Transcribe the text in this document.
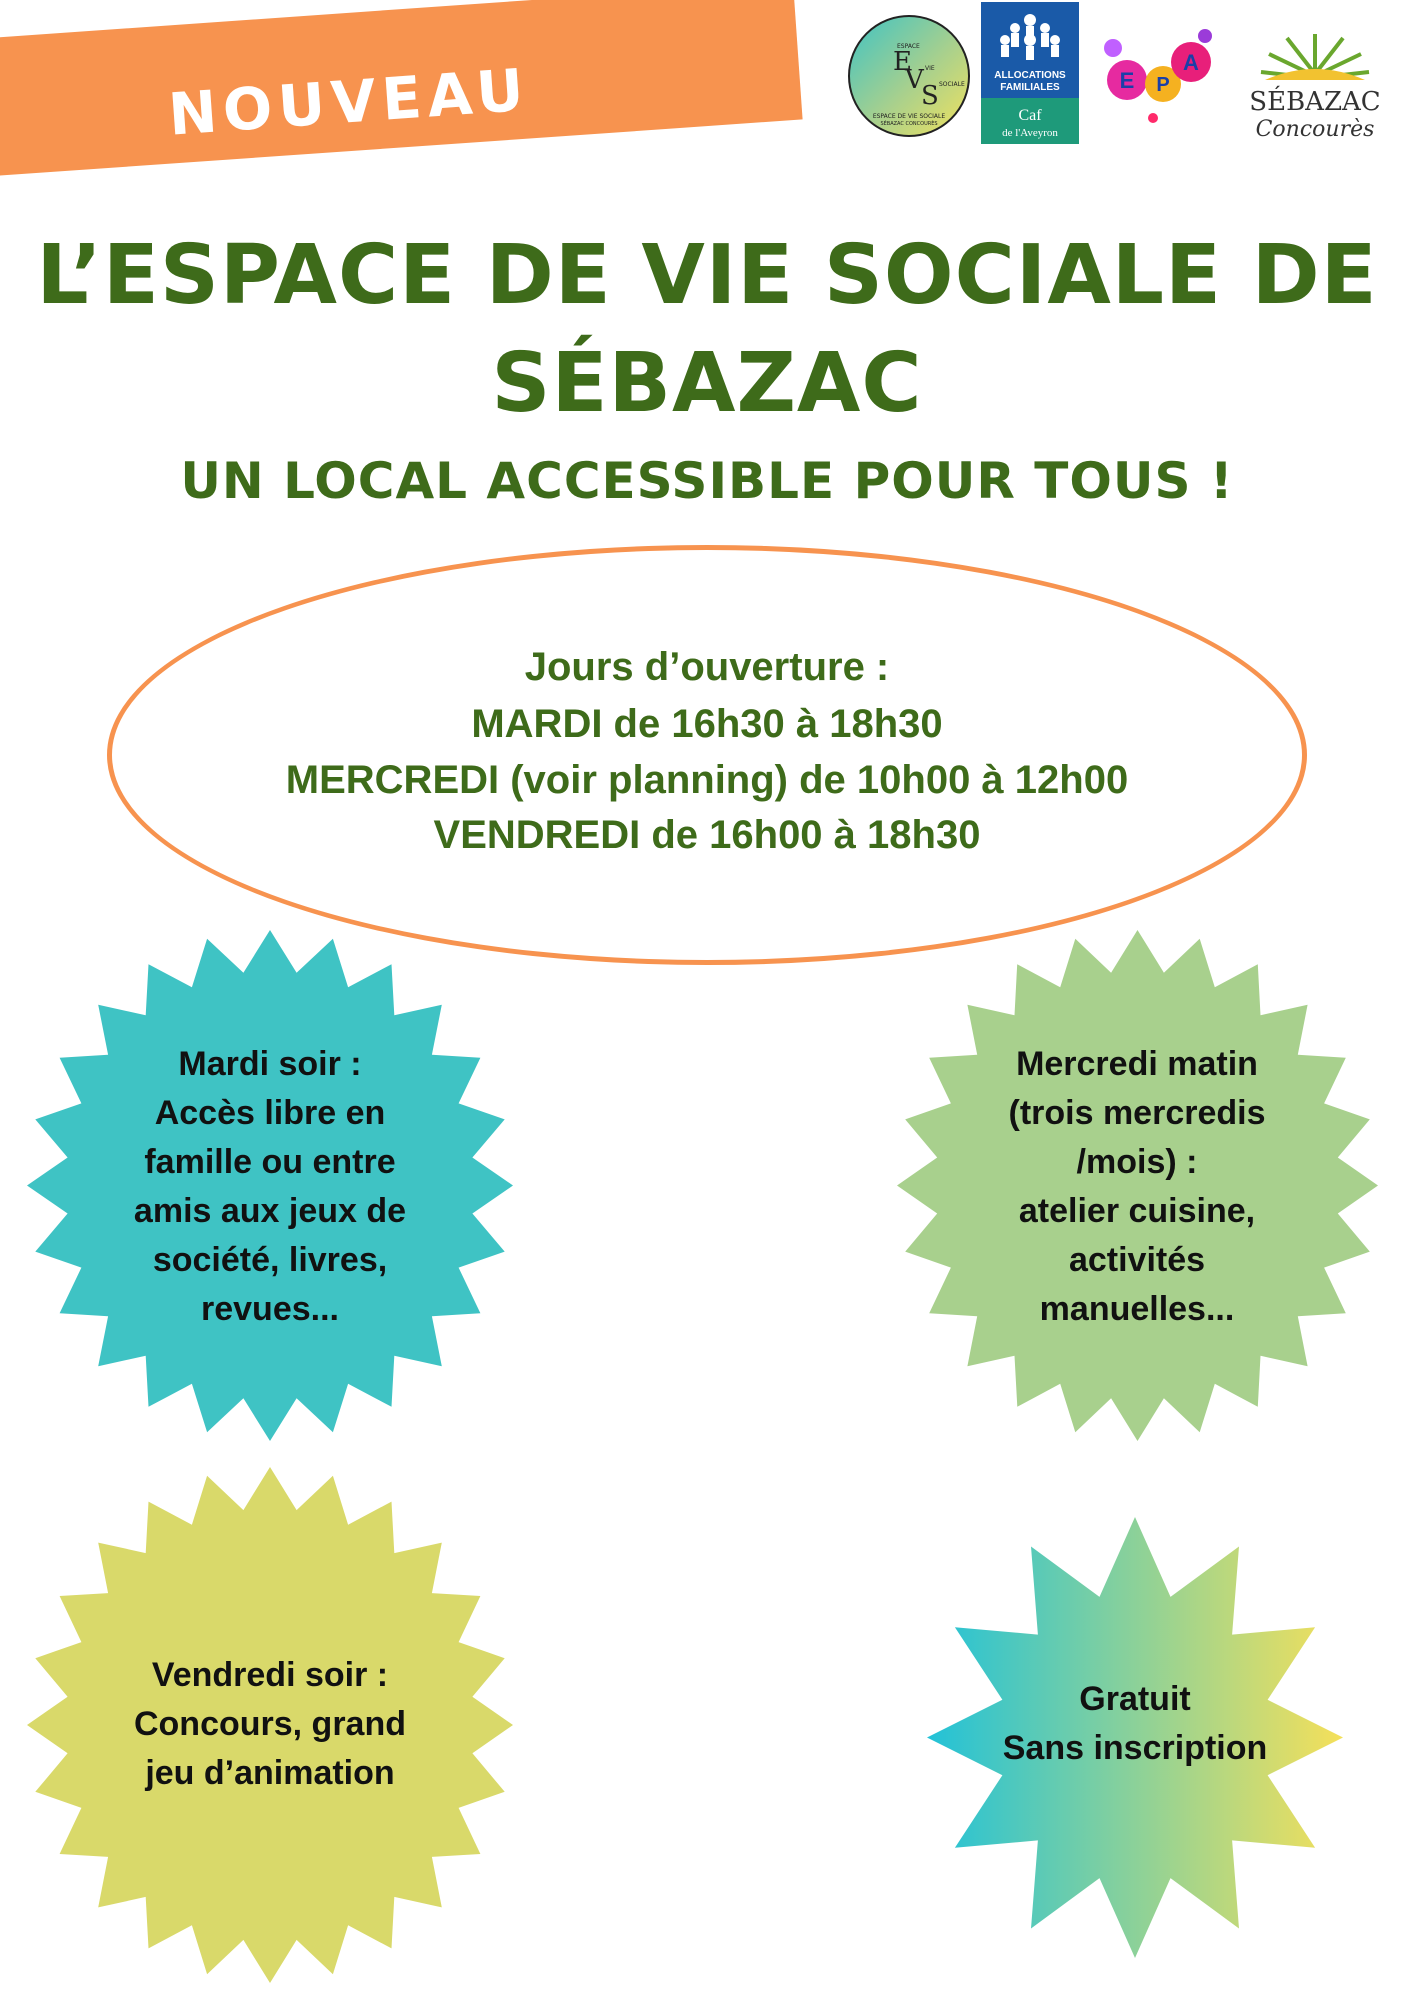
NOUVEAU	E
V
S
ESPACE
VIE
SOCIALE
ESPACE DE VIE SOCIALE
SÉBAZAC CONCOURÈS
ALLOCATIONS
FAMILIALES
Caf
de l'Aveyron
E P
A
SÉBAZAC
Concourès
L’ESPACE DE VIE SOCIALE DE
SÉBAZAC
UN LOCAL ACCESSIBLE POUR TOUS !
Jours d’ouverture :
MARDI de 16h30 à 18h30
MERCREDI (voir planning) de 10h00 à 12h00
VENDREDI de 16h00 à 18h30
Mardi soir :
Accès libre en
famille ou entre
amis aux jeux de
société, livres,
revues...
Mercredi matin
(trois mercredis
/mois) :
atelier cuisine,
activités
manuelles...
Vendredi soir :
Concours, grand
jeu d’animation
Gratuit
Sans inscription
